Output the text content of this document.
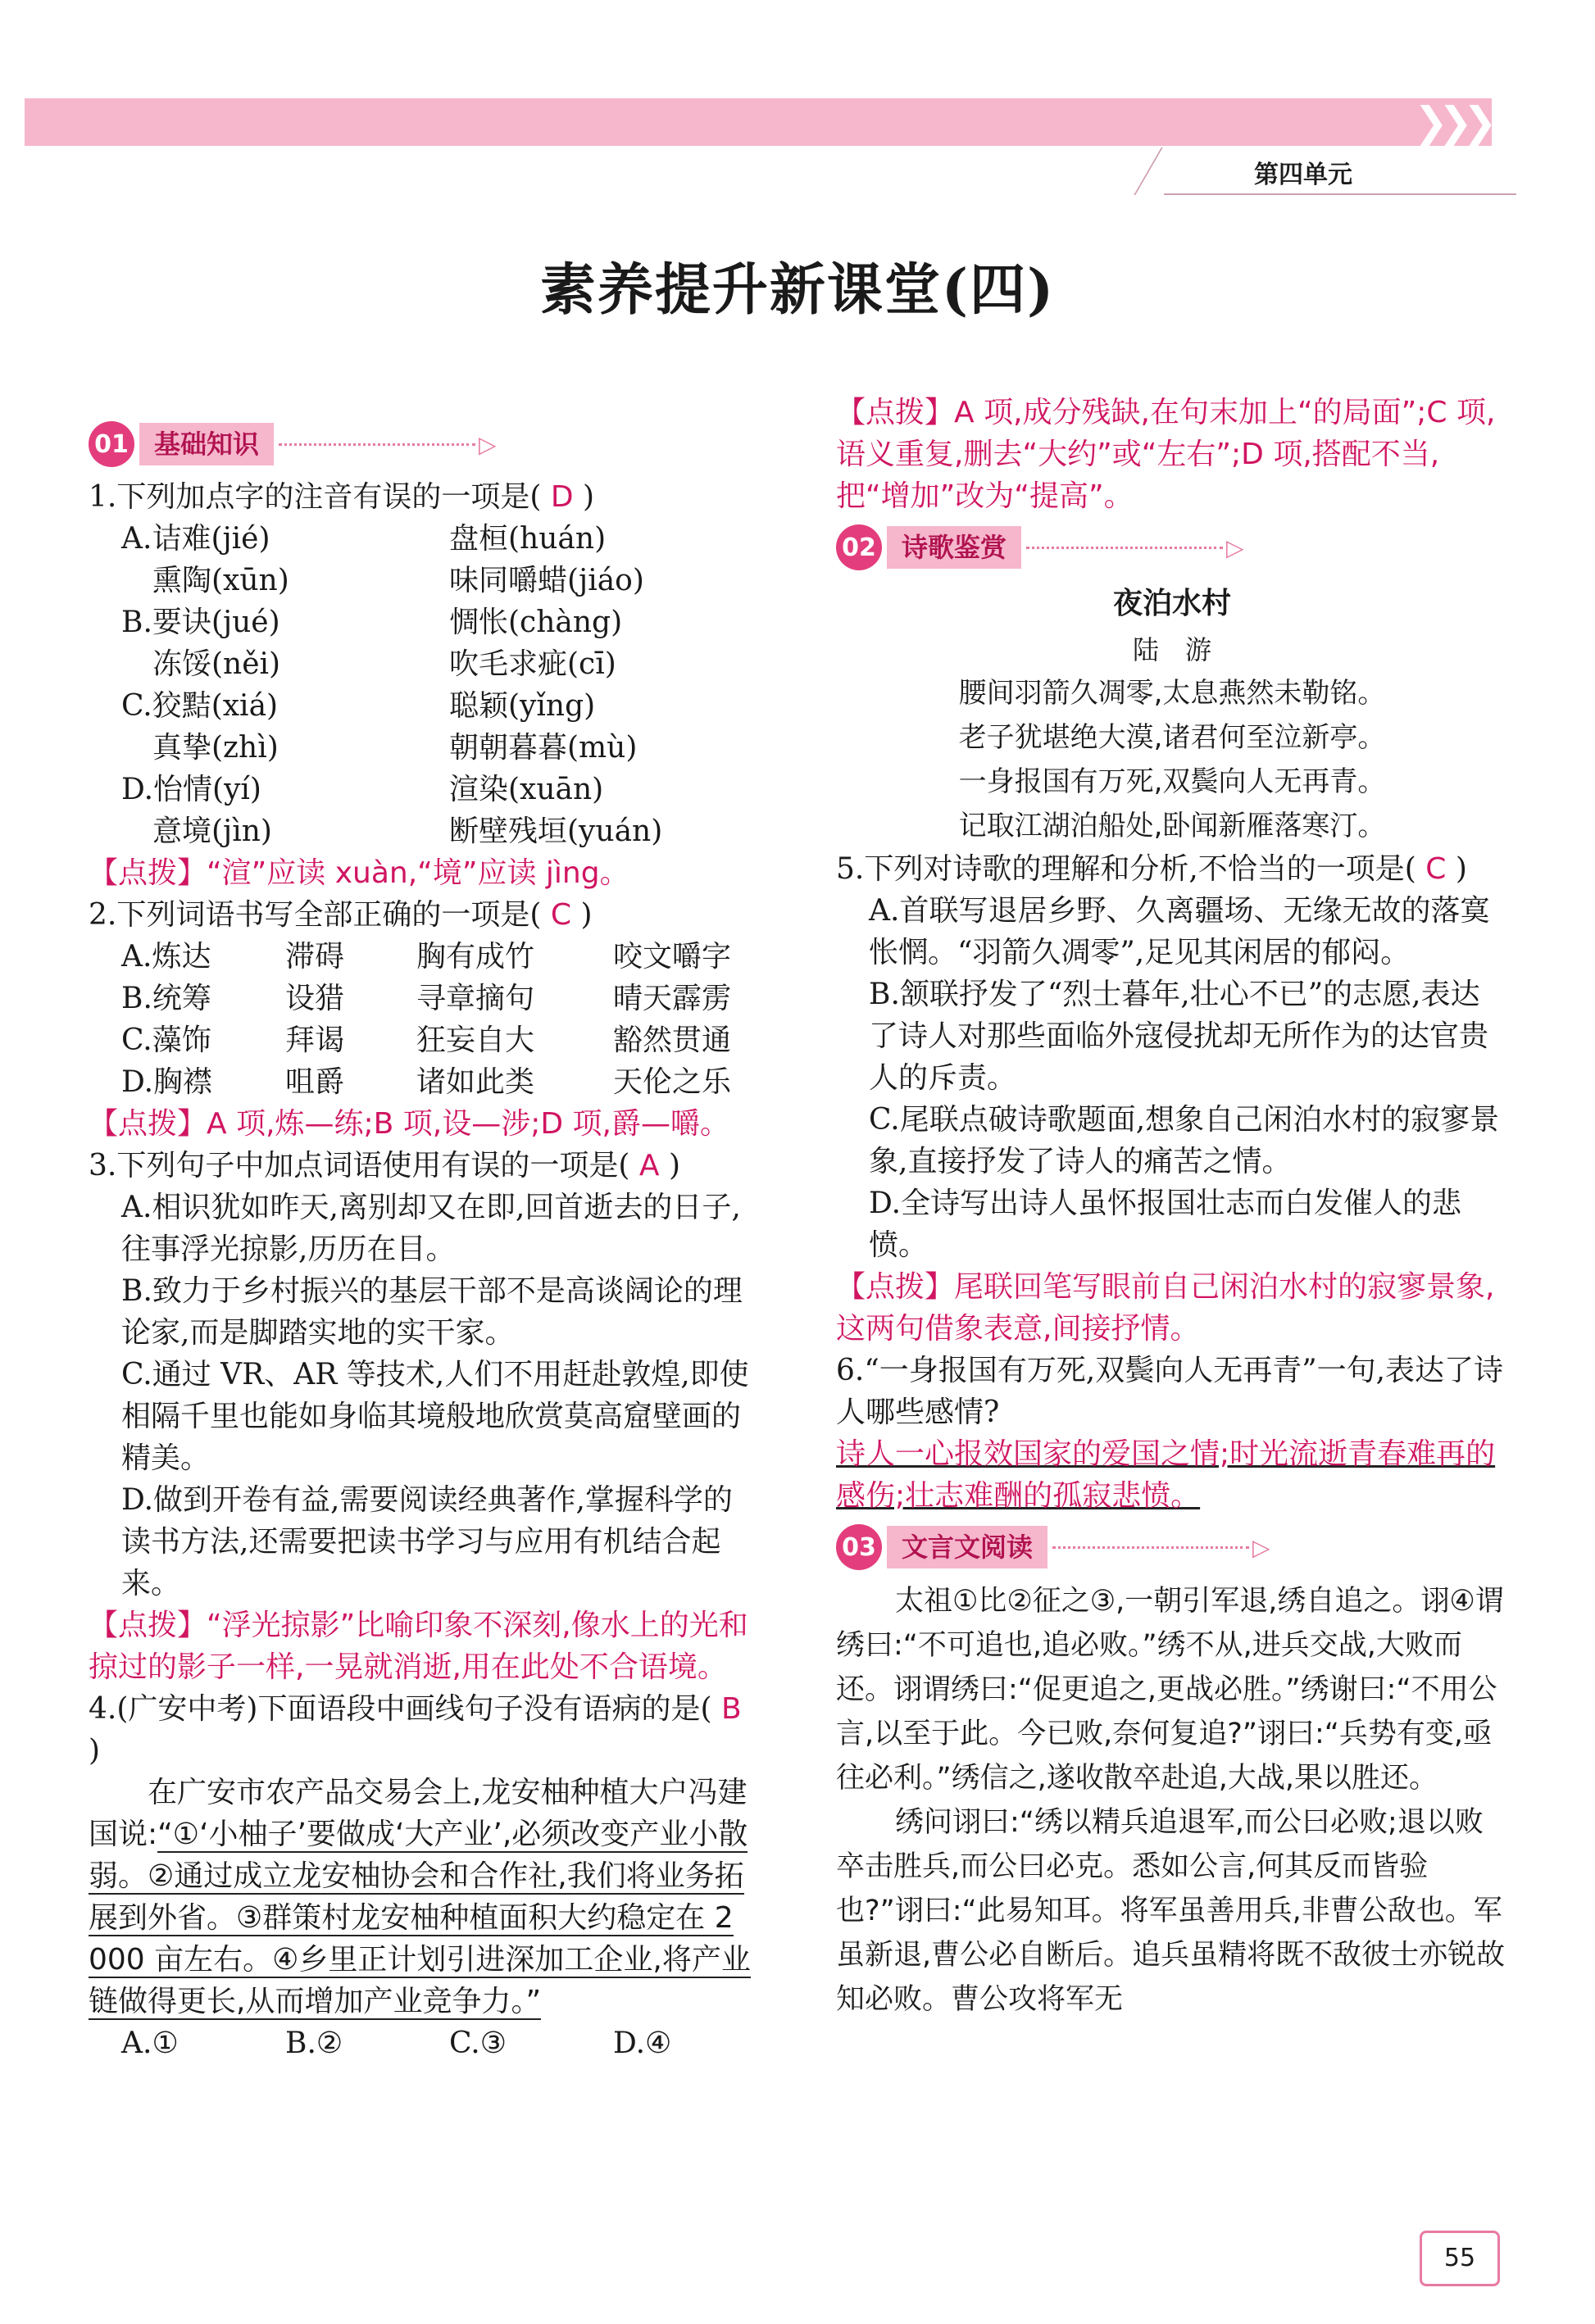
❯❯❯
第四单元
素养提升新课堂(四)
01 基础知识	▷

1.下列加点字的注音有误的一项是( D )

A.诘难(jié)	盘桓(huán)
熏陶(xūn)	味同嚼蜡(jiáo)
B.要诀(jué)	惆怅(chàng)
冻馁(něi)	吹毛求疵(cī)
C.狡黠(xiá)	聪颖(yǐng)
真挚(zhì)	朝朝暮暮(mù)
D.怡情(yí)	渲染(xuān)
意境(jìn)	断壁残垣(yuán)

【点拨】“渲”应读 xuàn,“境”应读 jìng。

2.下列词语书写全部正确的一项是( C )

A.炼达	滞碍	胸有成竹	咬文嚼字
B.统筹	设猎	寻章摘句	晴天霹雳
C.藻饰	拜谒	狂妄自大	豁然贯通
D.胸襟	咀爵	诸如此类	天伦之乐

【点拨】A 项,炼—练;B 项,设—涉;D 项,爵—嚼。

3.下列句子中加点词语使用有误的一项是( A )

A.相识犹如昨天,离别却又在即,回首逝去的日子,往事浮光掠影,历历在目。

B.致力于乡村振兴的基层干部不是高谈阔论的理论家,而是脚踏实地的实干家。

C.通过 VR、AR 等技术,人们不用赶赴敦煌,即使相隔千里也能如身临其境般地欣赏莫高窟壁画的精美。

D.做到开卷有益,需要阅读经典著作,掌握科学的读书方法,还需要把读书学习与应用有机结合起来。

【点拨】“浮光掠影”比喻印象不深刻,像水上的光和掠过的影子一样,一晃就消逝,用在此处不合语境。

4.(广安中考)下面语段中画线句子没有语病的是( B )

在广安市农产品交易会上,龙安柚种植大户冯建国说:“①‘小柚子’要做成‘大产业’,必须改变产业小散弱。②通过成立龙安柚协会和合作社,我们将业务拓展到外省。③群策村龙安柚种植面积大约稳定在 2 000 亩左右。④乡里正计划引进深加工企业,将产业链做得更长,从而增加产业竞争力。”

A.①	B.②	C.③	D.④

【点拨】A 项,成分残缺,在句末加上“的局面”;C 项,语义重复,删去“大约”或“左右”;D 项,搭配不当,把“增加”改为“提高”。

02 诗歌鉴赏	▷
夜泊水村
陆　游
腰间羽箭久凋零,太息燕然未勒铭。
老子犹堪绝大漠,诸君何至泣新亭。
一身报国有万死,双鬓向人无再青。
记取江湖泊船处,卧闻新雁落寒汀。

5.下列对诗歌的理解和分析,不恰当的一项是( C )

A.首联写退居乡野、久离疆场、无缘无故的落寞怅惘。“羽箭久凋零”,足见其闲居的郁闷。

B.颔联抒发了“烈士暮年,壮心不已”的志愿,表达了诗人对那些面临外寇侵扰却无所作为的达官贵人的斥责。

C.尾联点破诗歌题面,想象自己闲泊水村的寂寥景象,直接抒发了诗人的痛苦之情。

D.全诗写出诗人虽怀报国壮志而白发催人的悲愤。

【点拨】尾联回笔写眼前自己闲泊水村的寂寥景象,这两句借象表意,间接抒情。

6.“一身报国有万死,双鬓向人无再青”一句,表达了诗人哪些感情?

诗人一心报效国家的爱国之情;时光流逝青春难再的感伤;壮志难酬的孤寂悲愤。

03 文言文阅读	▷

太祖①比②征之③,一朝引军退,绣自追之。诩④谓绣曰:“不可追也,追必败。”绣不从,进兵交战,大败而还。诩谓绣曰:“促更追之,更战必胜。”绣谢曰:“不用公言,以至于此。今已败,奈何复追?”诩曰:“兵势有变,亟往必利。”绣信之,遂收散卒赴追,大战,果以胜还。

绣问诩曰:“绣以精兵追退军,而公曰必败;退以败卒击胜兵,而公曰必克。悉如公言,何其反而皆验也?”诩曰:“此易知耳。将军虽善用兵,非曹公敌也。军虽新退,曹公必自断后。追兵虽精将既不敌彼士亦锐故知必败。曹公攻将军无

55
